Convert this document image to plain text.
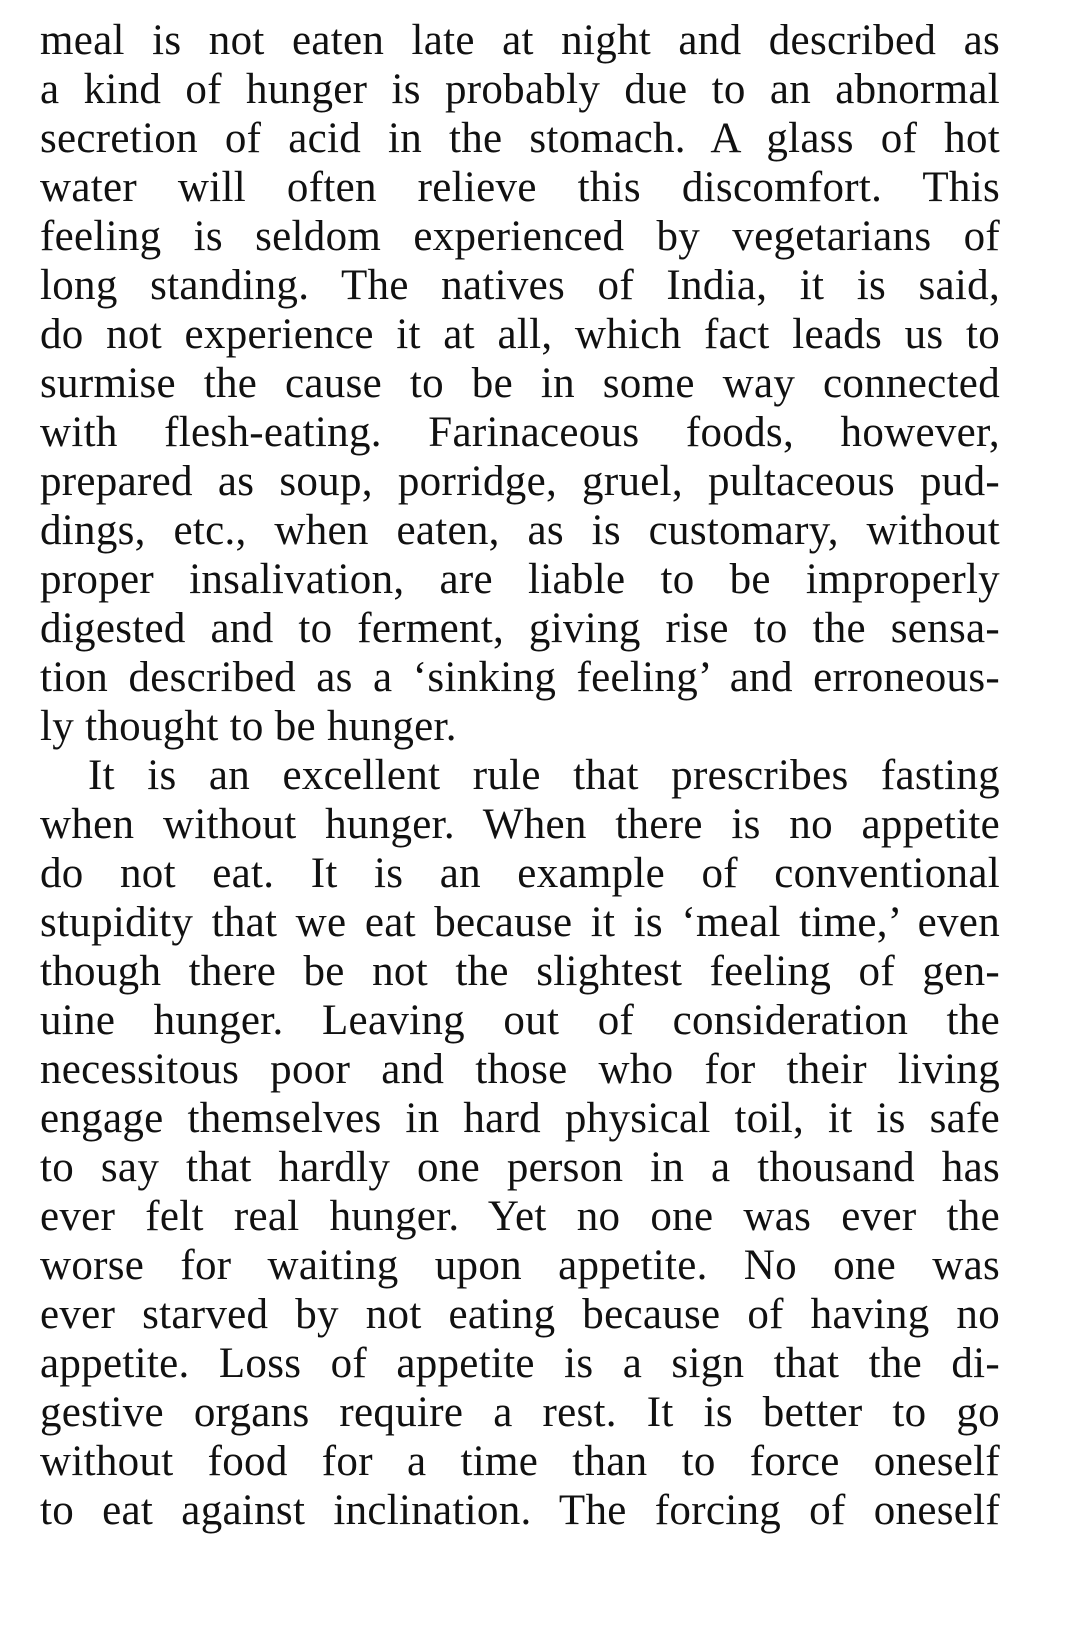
meal is not eaten late at night and described as
a kind of hunger is probably due to an abnormal
secretion of acid in the stomach. A glass of hot
water will often relieve this discomfort. This
feeling is seldom experienced by vegetarians of
long standing. The natives of India, it is said,
do not experience it at all, which fact leads us to
surmise the cause to be in some way connected
with flesh-eating. Farinaceous foods, however,
prepared as soup, porridge, gruel, pultaceous pud-
dings, etc., when eaten, as is customary, without
proper insalivation, are liable to be improperly
digested and to ferment, giving rise to the sensa-
tion described as a ‘sinking feeling’ and erroneous-
ly thought to be hunger.
It is an excellent rule that prescribes fasting
when without hunger. When there is no appetite
do not eat. It is an example of conventional
stupidity that we eat because it is ‘meal time,’ even
though there be not the slightest feeling of gen-
uine hunger. Leaving out of consideration the
necessitous poor and those who for their living
engage themselves in hard physical toil, it is safe
to say that hardly one person in a thousand has
ever felt real hunger. Yet no one was ever the
worse for waiting upon appetite. No one was
ever starved by not eating because of having no
appetite. Loss of appetite is a sign that the di-
gestive organs require a rest. It is better to go
without food for a time than to force oneself
to eat against inclination. The forcing of oneself
